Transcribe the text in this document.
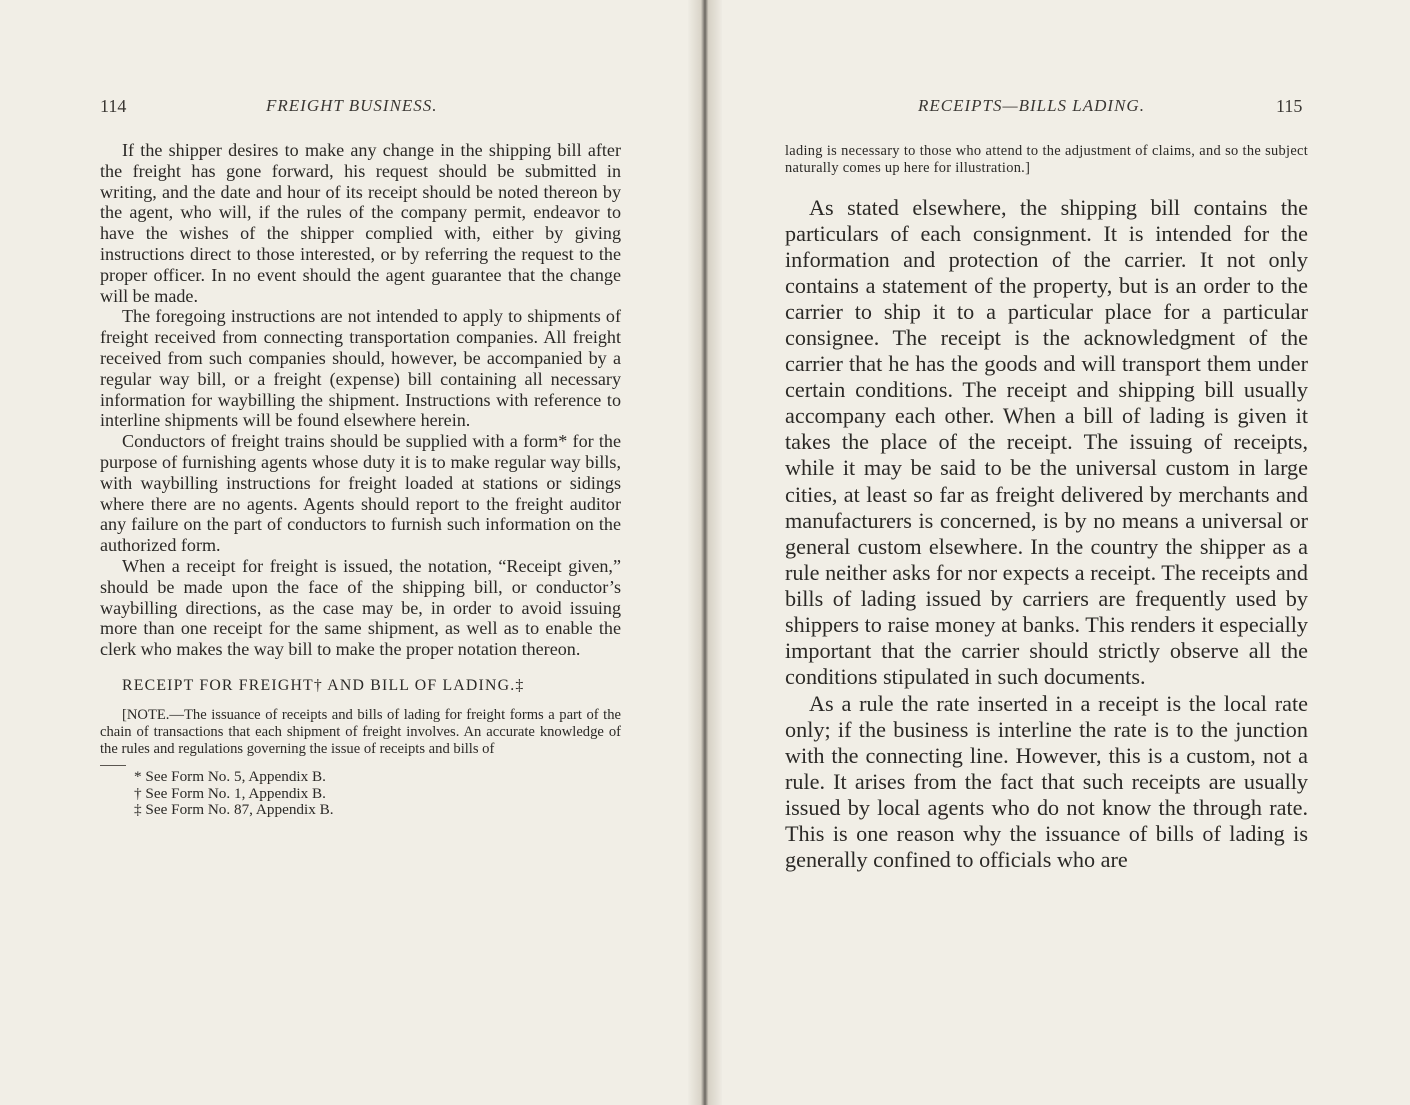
114	FREIGHT BUSINESS.

If the shipper desires to make any change in the shipping bill after the freight has gone forward, his request should be submitted in writing, and the date and hour of its receipt should be noted thereon by the agent, who will, if the rules of the company permit, endeavor to have the wishes of the shipper complied with, either by giving instructions direct to those interested, or by referring the request to the proper officer. In no event should the agent guarantee that the change will be made.

The foregoing instructions are not intended to apply to shipments of freight received from connecting transportation companies. All freight received from such companies should, however, be accompanied by a regular way bill, or a freight (expense) bill containing all necessary information for waybilling the shipment. Instructions with reference to interline shipments will be found elsewhere herein.

Conductors of freight trains should be supplied with a form* for the purpose of furnishing agents whose duty it is to make regular way bills, with waybilling instructions for freight loaded at stations or sidings where there are no agents. Agents should report to the freight auditor any failure on the part of conductors to furnish such information on the authorized form.

When a receipt for freight is issued, the notation, “Receipt given,” should be made upon the face of the shipping bill, or conductor’s waybilling directions, as the case may be, in order to avoid issuing more than one receipt for the same shipment, as well as to enable the clerk who makes the way bill to make the proper notation thereon.

RECEIPT FOR FREIGHT† AND BILL OF LADING.‡

[NOTE.—The issuance of receipts and bills of lading for freight forms a part of the chain of transactions that each shipment of freight involves. An accurate knowledge of the rules and regulations governing the issue of receipts and bills of

* See Form No. 5, Appendix B.

† See Form No. 1, Appendix B.

‡ See Form No. 87, Appendix B.

RECEIPTS—BILLS LADING.	115
lading is necessary to those who attend to the adjustment of claims, and so the subject naturally comes up here for illustration.]

As stated elsewhere, the shipping bill contains the particulars of each consignment. It is intended for the information and protection of the carrier. It not only contains a statement of the property, but is an order to the carrier to ship it to a particular place for a particular consignee. The receipt is the acknowledgment of the carrier that he has the goods and will transport them under certain conditions. The receipt and shipping bill usually accompany each other. When a bill of lading is given it takes the place of the receipt. The issuing of receipts, while it may be said to be the universal custom in large cities, at least so far as freight delivered by merchants and manufacturers is concerned, is by no means a universal or general custom elsewhere. In the country the shipper as a rule neither asks for nor expects a receipt. The receipts and bills of lading issued by carriers are frequently used by shippers to raise money at banks. This renders it especially important that the carrier should strictly observe all the conditions stipulated in such documents.

As a rule the rate inserted in a receipt is the local rate only; if the business is interline the rate is to the junction with the connecting line. However, this is a custom, not a rule. It arises from the fact that such receipts are usually issued by local agents who do not know the through rate. This is one reason why the issuance of bills of lading is generally confined to officials who are
